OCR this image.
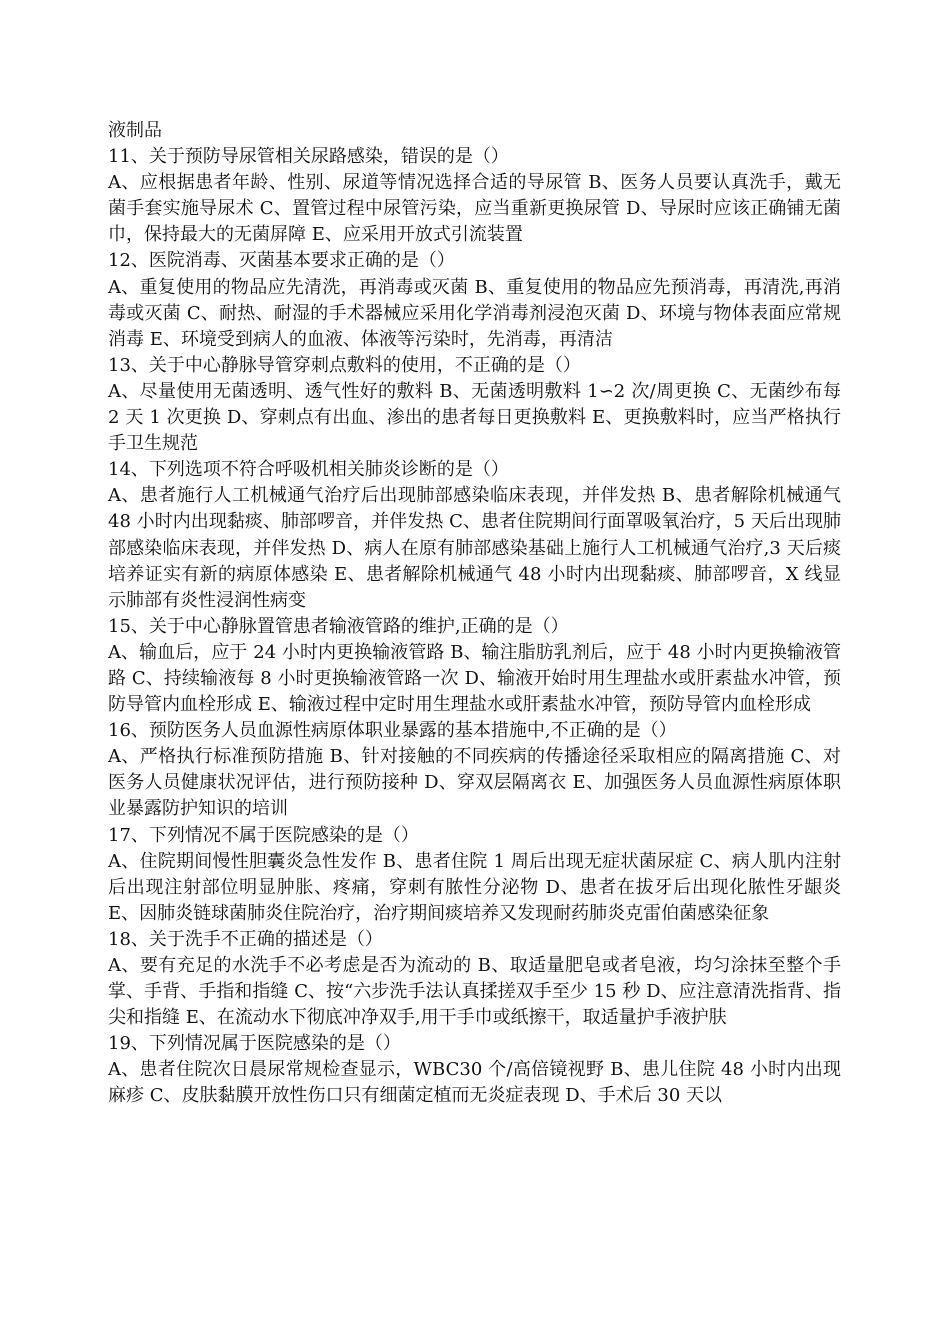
液制品

11、关于预防导尿管相关尿路感染，错误的是（）

A、应根据患者年龄、性别、尿道等情况选择合适的导尿管 B、医务人员要认真洗手，戴无菌手套实施导尿术 C、置管过程中尿管污染，应当重新更换尿管 D、导尿时应该正确铺无菌巾，保持最大的无菌屏障 E、应采用开放式引流装置

12、医院消毒、灭菌基本要求正确的是（）

A、重复使用的物品应先清洗，再消毒或灭菌 B、重复使用的物品应先预消毒，再清洗,再消毒或灭菌 C、耐热、耐湿的手术器械应采用化学消毒剂浸泡灭菌 D、环境与物体表面应常规消毒 E、环境受到病人的血液、体液等污染时，先消毒，再清洁

13、关于中心静脉导管穿刺点敷料的使用，不正确的是（）

A、尽量使用无菌透明、透气性好的敷料 B、无菌透明敷料 1∽2 次/周更换 C、无菌纱布每 2 天 1 次更换 D、穿刺点有出血、渗出的患者每日更换敷料 E、更换敷料时，应当严格执行手卫生规范

14、下列选项不符合呼吸机相关肺炎诊断的是（）

A、患者施行人工机械通气治疗后出现肺部感染临床表现，并伴发热 B、患者解除机械通气 48 小时内出现黏痰、肺部啰音，并伴发热 C、患者住院期间行面罩吸氧治疗，5 天后出现肺部感染临床表现，并伴发热 D、病人在原有肺部感染基础上施行人工机械通气治疗,3 天后痰培养证实有新的病原体感染 E、患者解除机械通气 48 小时内出现黏痰、肺部啰音，X 线显示肺部有炎性浸润性病变

15、关于中心静脉置管患者输液管路的维护,正确的是（）

A、输血后，应于 24 小时内更换输液管路 B、输注脂肪乳剂后，应于 48 小时内更换输液管路 C、持续输液每 8 小时更换输液管路一次 D、输液开始时用生理盐水或肝素盐水冲管，预防导管内血栓形成 E、输液过程中定时用生理盐水或肝素盐水冲管，预防导管内血栓形成

16、预防医务人员血源性病原体职业暴露的基本措施中,不正确的是（）

A、严格执行标准预防措施 B、针对接触的不同疾病的传播途径采取相应的隔离措施 C、对医务人员健康状况评估，进行预防接种 D、穿双层隔离衣 E、加强医务人员血源性病原体职业暴露防护知识的培训

17、下列情况不属于医院感染的是（）

A、住院期间慢性胆囊炎急性发作 B、患者住院 1 周后出现无症状菌尿症 C、病人肌内注射后出现注射部位明显肿胀、疼痛，穿刺有脓性分泌物 D、患者在拔牙后出现化脓性牙龈炎 E、因肺炎链球菌肺炎住院治疗，治疗期间痰培养又发现耐药肺炎克雷伯菌感染征象

18、关于洗手不正确的描述是（）

A、要有充足的水洗手不必考虑是否为流动的 B、取适量肥皂或者皂液，均匀涂抹至整个手掌、手背、手指和指缝 C、按“六步洗手法认真揉搓双手至少 15 秒 D、应注意清洗指背、指尖和指缝 E、在流动水下彻底冲净双手,用干手巾或纸擦干，取适量护手液护肤

19、下列情况属于医院感染的是（）

A、患者住院次日晨尿常规检查显示，WBC30 个/高倍镜视野 B、患儿住院 48 小时内出现麻疹 C、皮肤黏膜开放性伤口只有细菌定植而无炎症表现 D、手术后 30 天以
